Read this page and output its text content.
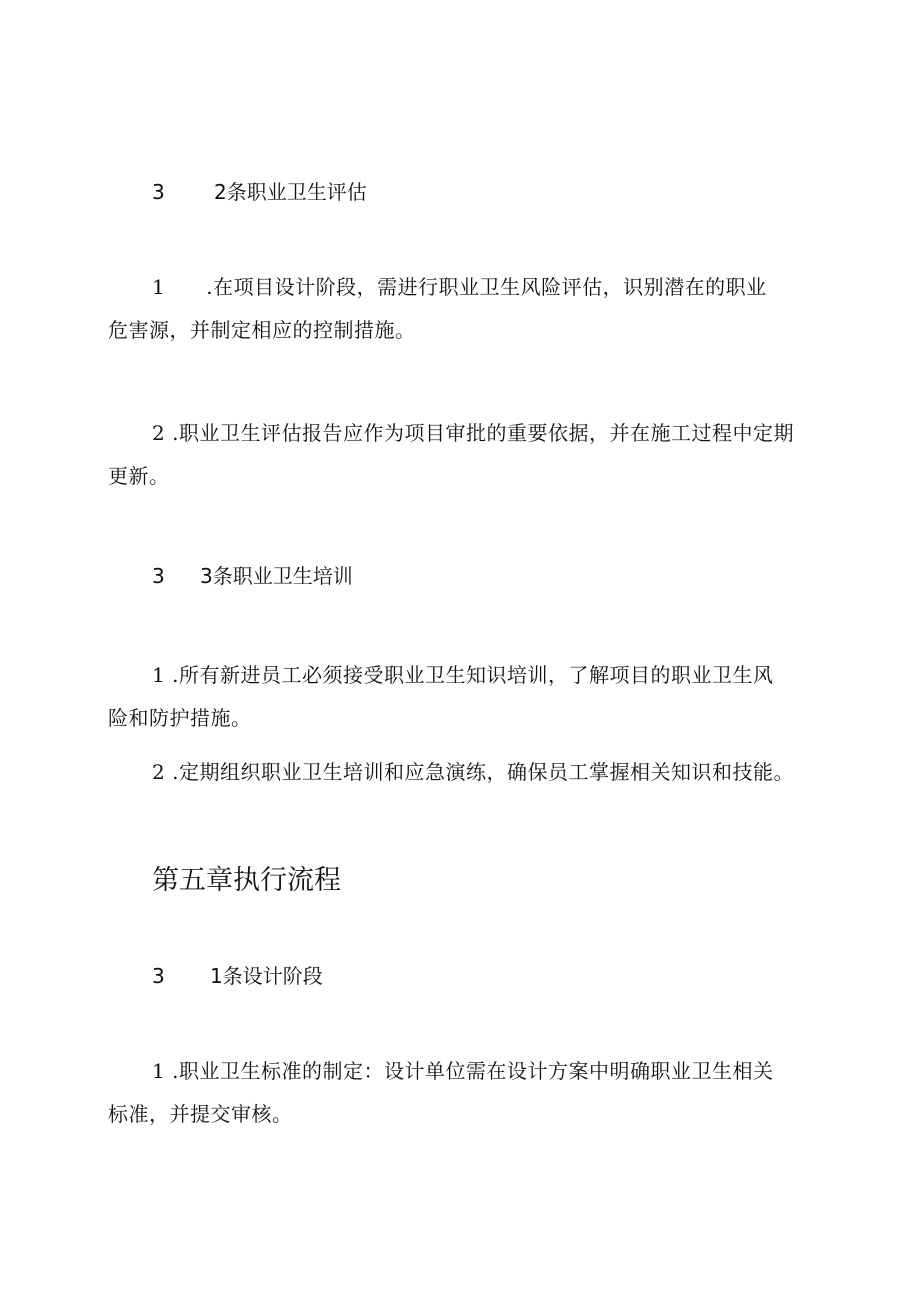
3 2条职业卫生评估

1　　.在项目设计阶段，需进行职业卫生风险评估，识别潜在的职业
危害源，并制定相应的控制措施。

2 .职业卫生评估报告应作为项目审批的重要依据，并在施工过程中定期
更新。

3 3条职业卫生培训

1 .所有新进员工必须接受职业卫生知识培训，了解项目的职业卫生风
险和防护措施。

2 .定期组织职业卫生培训和应急演练，确保员工掌握相关知识和技能。

第五章执行流程

3 1条设计阶段

1 .职业卫生标准的制定：设计单位需在设计方案中明确职业卫生相关
标准，并提交审核。
